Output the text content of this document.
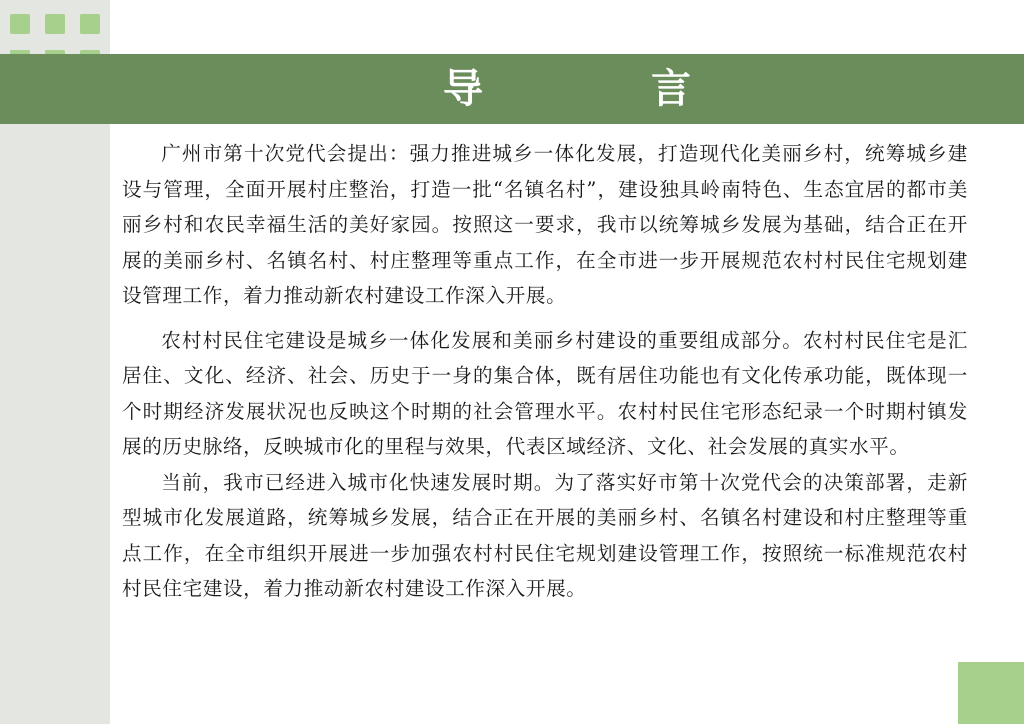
导　言

广州市第十次党代会提出：强力推进城乡一体化发展，打造现代化美丽乡村，统筹城乡建设与管理，全面开展村庄整治，打造一批“名镇名村”，建设独具岭南特色、生态宜居的都市美丽乡村和农民幸福生活的美好家园。按照这一要求，我市以统筹城乡发展为基础，结合正在开展的美丽乡村、名镇名村、村庄整理等重点工作，在全市进一步开展规范农村村民住宅规划建设管理工作，着力推动新农村建设工作深入开展。

农村村民住宅建设是城乡一体化发展和美丽乡村建设的重要组成部分。农村村民住宅是汇居住、文化、经济、社会、历史于一身的集合体，既有居住功能也有文化传承功能，既体现一个时期经济发展状况也反映这个时期的社会管理水平。农村村民住宅形态纪录一个时期村镇发展的历史脉络，反映城市化的里程与效果，代表区域经济、文化、社会发展的真实水平。

当前，我市已经进入城市化快速发展时期。为了落实好市第十次党代会的决策部署，走新型城市化发展道路，统筹城乡发展，结合正在开展的美丽乡村、名镇名村建设和村庄整理等重点工作，在全市组织开展进一步加强农村村民住宅规划建设管理工作，按照统一标准规范农村村民住宅建设，着力推动新农村建设工作深入开展。
